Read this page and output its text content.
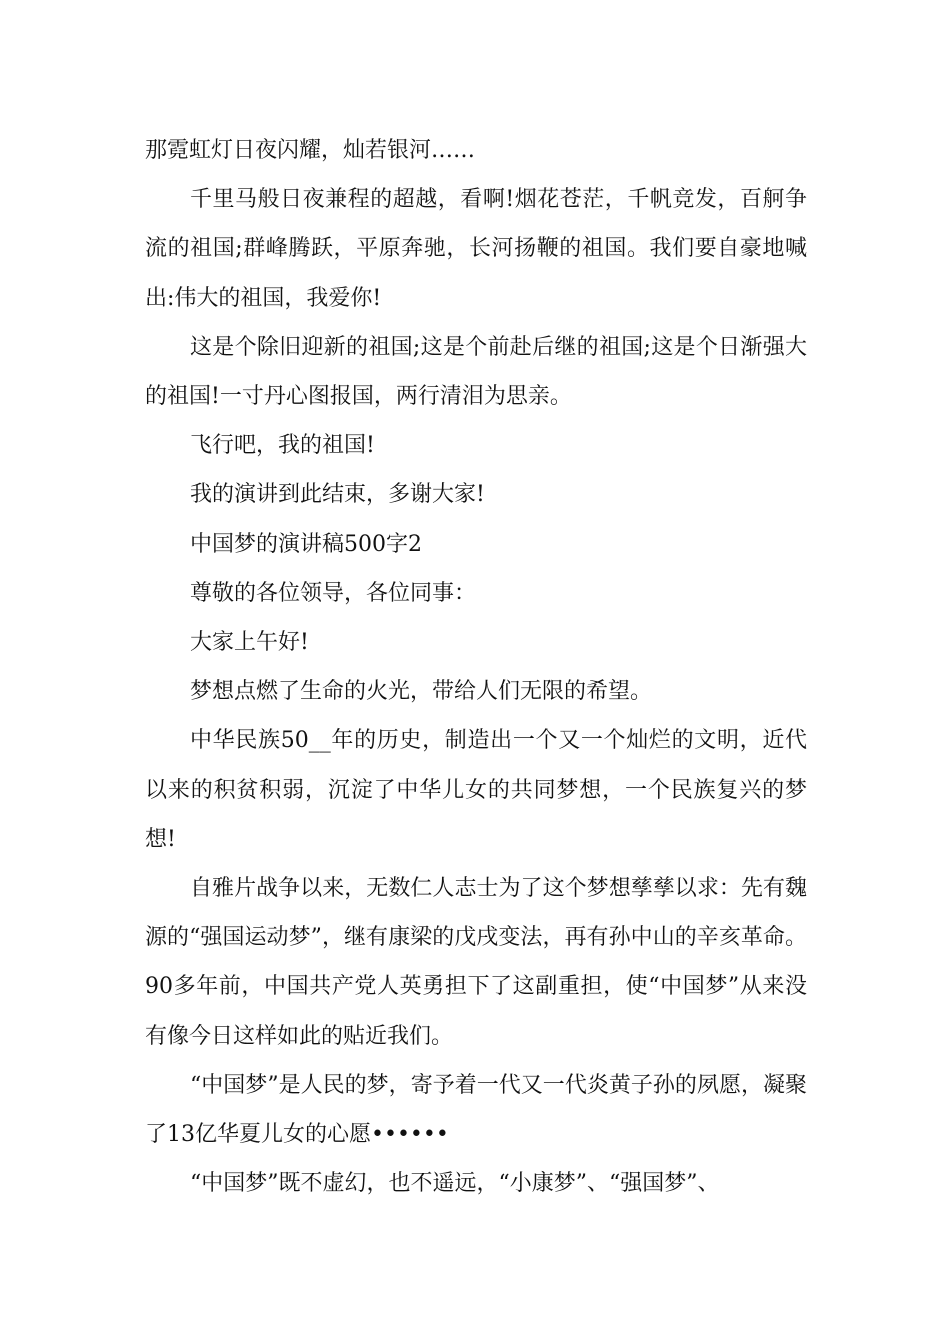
那霓虹灯日夜闪耀，灿若银河……

千里马般日夜兼程的超越，看啊!烟花苍茫，千帆竞发，百舸争流的祖国;群峰腾跃，平原奔驰，长河扬鞭的祖国。我们要自豪地喊出:伟大的祖国，我爱你!

这是个除旧迎新的祖国;这是个前赴后继的祖国;这是个日渐强大的祖国!一寸丹心图报国，两行清泪为思亲。

飞行吧，我的祖国!

我的演讲到此结束，多谢大家!

中国梦的演讲稿500字2

尊敬的各位领导，各位同事：

大家上午好!

梦想点燃了生命的火光，带给人们无限的希望。

中华民族50__年的历史，制造出一个又一个灿烂的文明，近代以来的积贫积弱，沉淀了中华儿女的共同梦想，一个民族复兴的梦想!

自雅片战争以来，无数仁人志士为了这个梦想孳孳以求：先有魏源的“强国运动梦”，继有康梁的戊戌变法，再有孙中山的辛亥革命。90多年前，中国共产党人英勇担下了这副重担，使“中国梦”从来没有像今日这样如此的贴近我们。

“中国梦”是人民的梦，寄予着一代又一代炎黄子孙的夙愿，凝聚了13亿华夏儿女的心愿••••••

“中国梦”既不虚幻，也不遥远，“小康梦”、“强国梦”、
